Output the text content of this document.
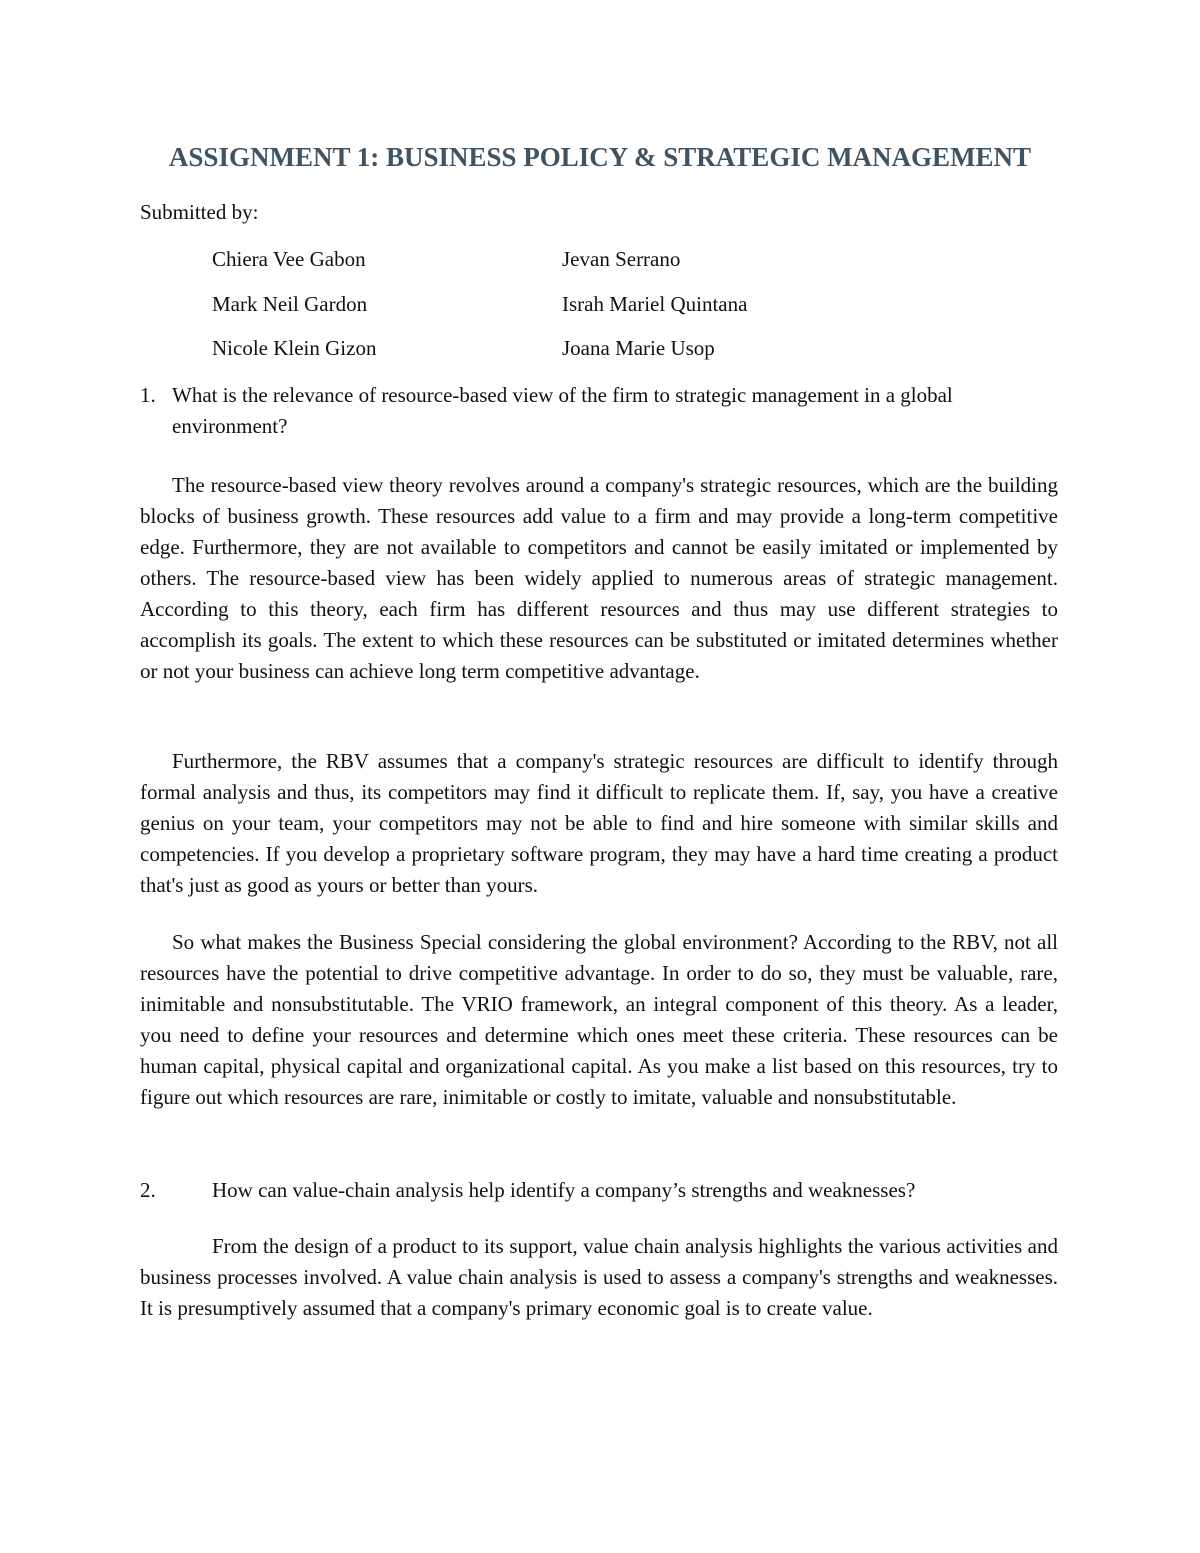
ASSIGNMENT 1: BUSINESS POLICY & STRATEGIC MANAGEMENT

Submitted by:

Chiera Vee Gabon	Jevan Serrano
Mark Neil Gardon	Israh Mariel Quintana
Nicole Klein Gizon	Joana Marie Usop
1. What is the relevance of resource-based view of the firm to strategic management in a global environment?

The resource-based view theory revolves around a company's strategic resources, which are the building blocks of business growth. These resources add value to a firm and may provide a long-term competitive edge. Furthermore, they are not available to competitors and cannot be easily imitated or implemented by others. The resource-based view has been widely applied to numerous areas of strategic management. According to this theory, each firm has different resources and thus may use different strategies to accomplish its goals. The extent to which these resources can be substituted or imitated determines whether or not your business can achieve long term competitive advantage.

Furthermore, the RBV assumes that a company's strategic resources are difficult to identify through formal analysis and thus, its competitors may find it difficult to replicate them. If, say, you have a creative genius on your team, your competitors may not be able to find and hire someone with similar skills and competencies. If you develop a proprietary software program, they may have a hard time creating a product that's just as good as yours or better than yours.

So what makes the Business Special considering the global environment? According to the RBV, not all resources have the potential to drive competitive advantage. In order to do so, they must be valuable, rare, inimitable and nonsubstitutable. The VRIO framework, an integral component of this theory. As a leader, you need to define your resources and determine which ones meet these criteria. These resources can be human capital, physical capital and organizational capital. As you make a list based on this resources, try to figure out which resources are rare, inimitable or costly to imitate, valuable and nonsubstitutable.

2.	How can value-chain analysis help identify a company’s strengths and weaknesses?

From the design of a product to its support, value chain analysis highlights the various activities and business processes involved. A value chain analysis is used to assess a company's strengths and weaknesses. It is presumptively assumed that a company's primary economic goal is to create value.
